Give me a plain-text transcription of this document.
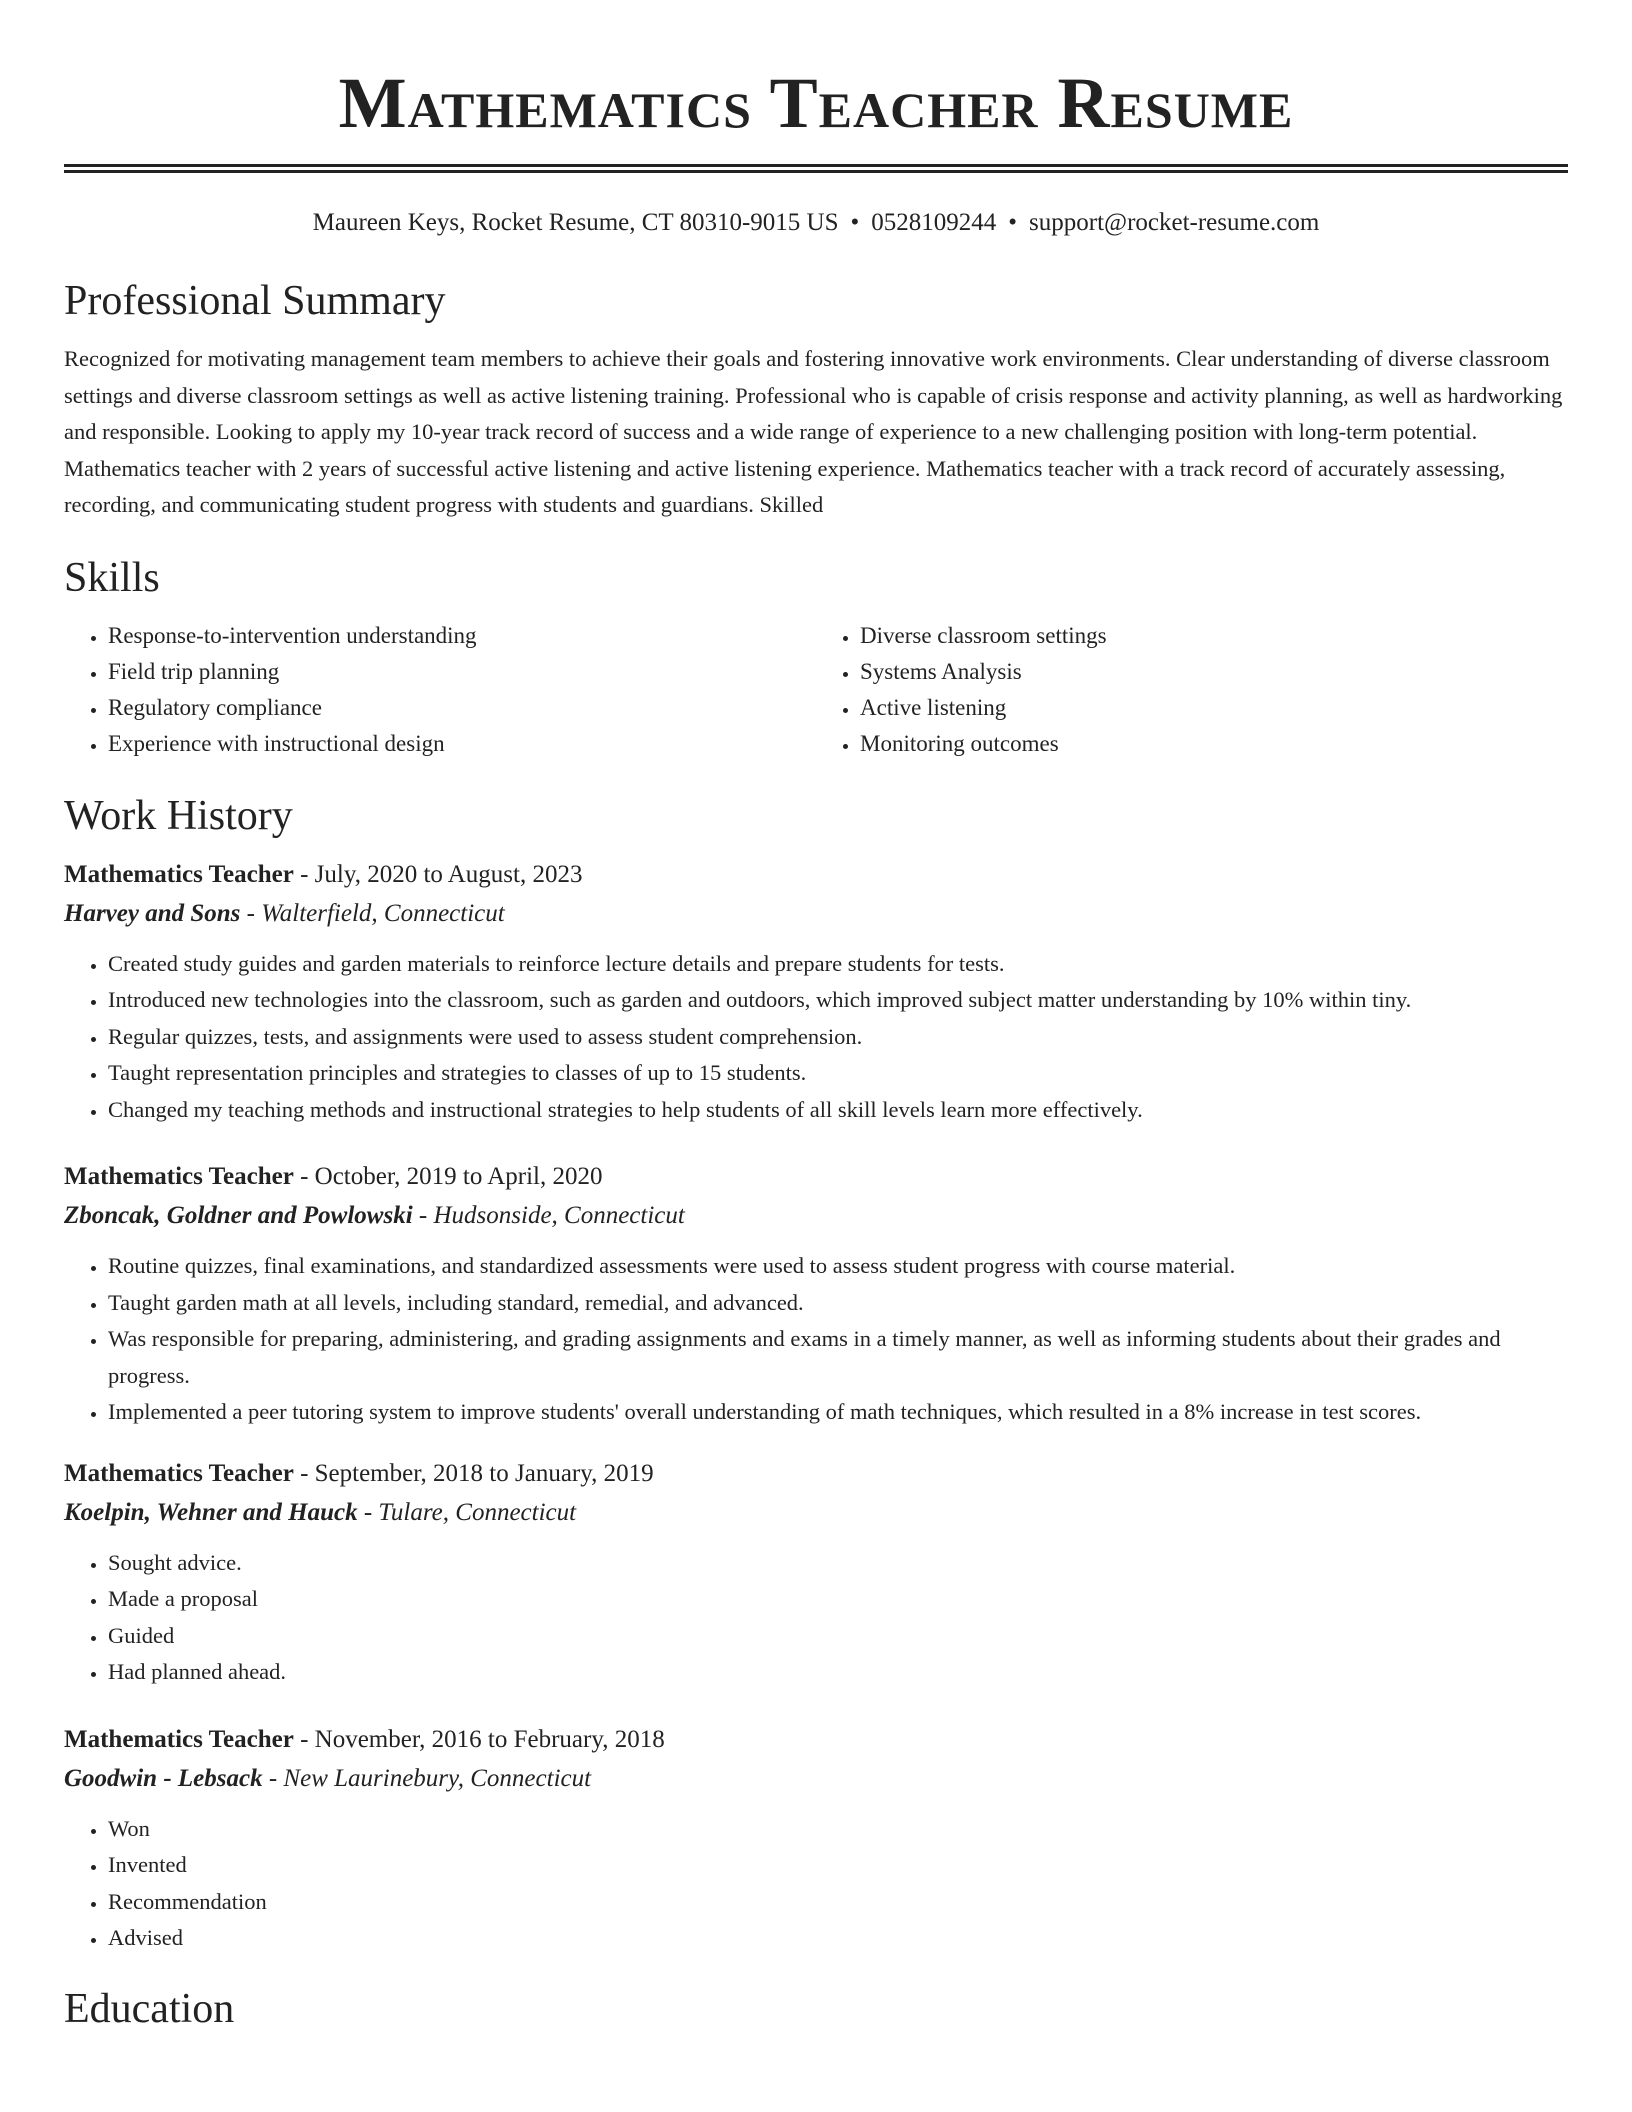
Mathematics Teacher Resume
Maureen Keys, Rocket Resume, CT 80310-9015 US • 0528109244 • support@rocket-resume.com
Professional Summary

Recognized for motivating management team members to achieve their goals and fostering innovative work environments. Clear understanding of diverse classroom settings and diverse classroom settings as well as active listening training. Professional who is capable of crisis response and activity planning, as well as hardworking and responsible. Looking to apply my 10-year track record of success and a wide range of experience to a new challenging position with long-term potential. Mathematics teacher with 2 years of successful active listening and active listening experience. Mathematics teacher with a track record of accurately assessing, recording, and communicating student progress with students and guardians. Skilled

Skills
• Response-to-intervention understanding
• Field trip planning
• Regulatory compliance
• Experience with instructional design
• Diverse classroom settings
• Systems Analysis
• Active listening
• Monitoring outcomes
Work History

Mathematics Teacher - July, 2020 to August, 2023

Harvey and Sons - Walterfield, Connecticut

• Created study guides and garden materials to reinforce lecture details and prepare students for tests.
• Introduced new technologies into the classroom, such as garden and outdoors, which improved subject matter understanding by 10% within tiny.
• Regular quizzes, tests, and assignments were used to assess student comprehension.
• Taught representation principles and strategies to classes of up to 15 students.
• Changed my teaching methods and instructional strategies to help students of all skill levels learn more effectively.

Mathematics Teacher - October, 2019 to April, 2020

Zboncak, Goldner and Powlowski - Hudsonside, Connecticut

• Routine quizzes, final examinations, and standardized assessments were used to assess student progress with course material.
• Taught garden math at all levels, including standard, remedial, and advanced.
• Was responsible for preparing, administering, and grading assignments and exams in a timely manner, as well as informing students about their grades and progress.
• Implemented a peer tutoring system to improve students' overall understanding of math techniques, which resulted in a 8% increase in test scores.

Mathematics Teacher - September, 2018 to January, 2019

Koelpin, Wehner and Hauck - Tulare, Connecticut

• Sought advice.
• Made a proposal
• Guided
• Had planned ahead.

Mathematics Teacher - November, 2016 to February, 2018

Goodwin - Lebsack - New Laurinebury, Connecticut

• Won
• Invented
• Recommendation
• Advised
Education
